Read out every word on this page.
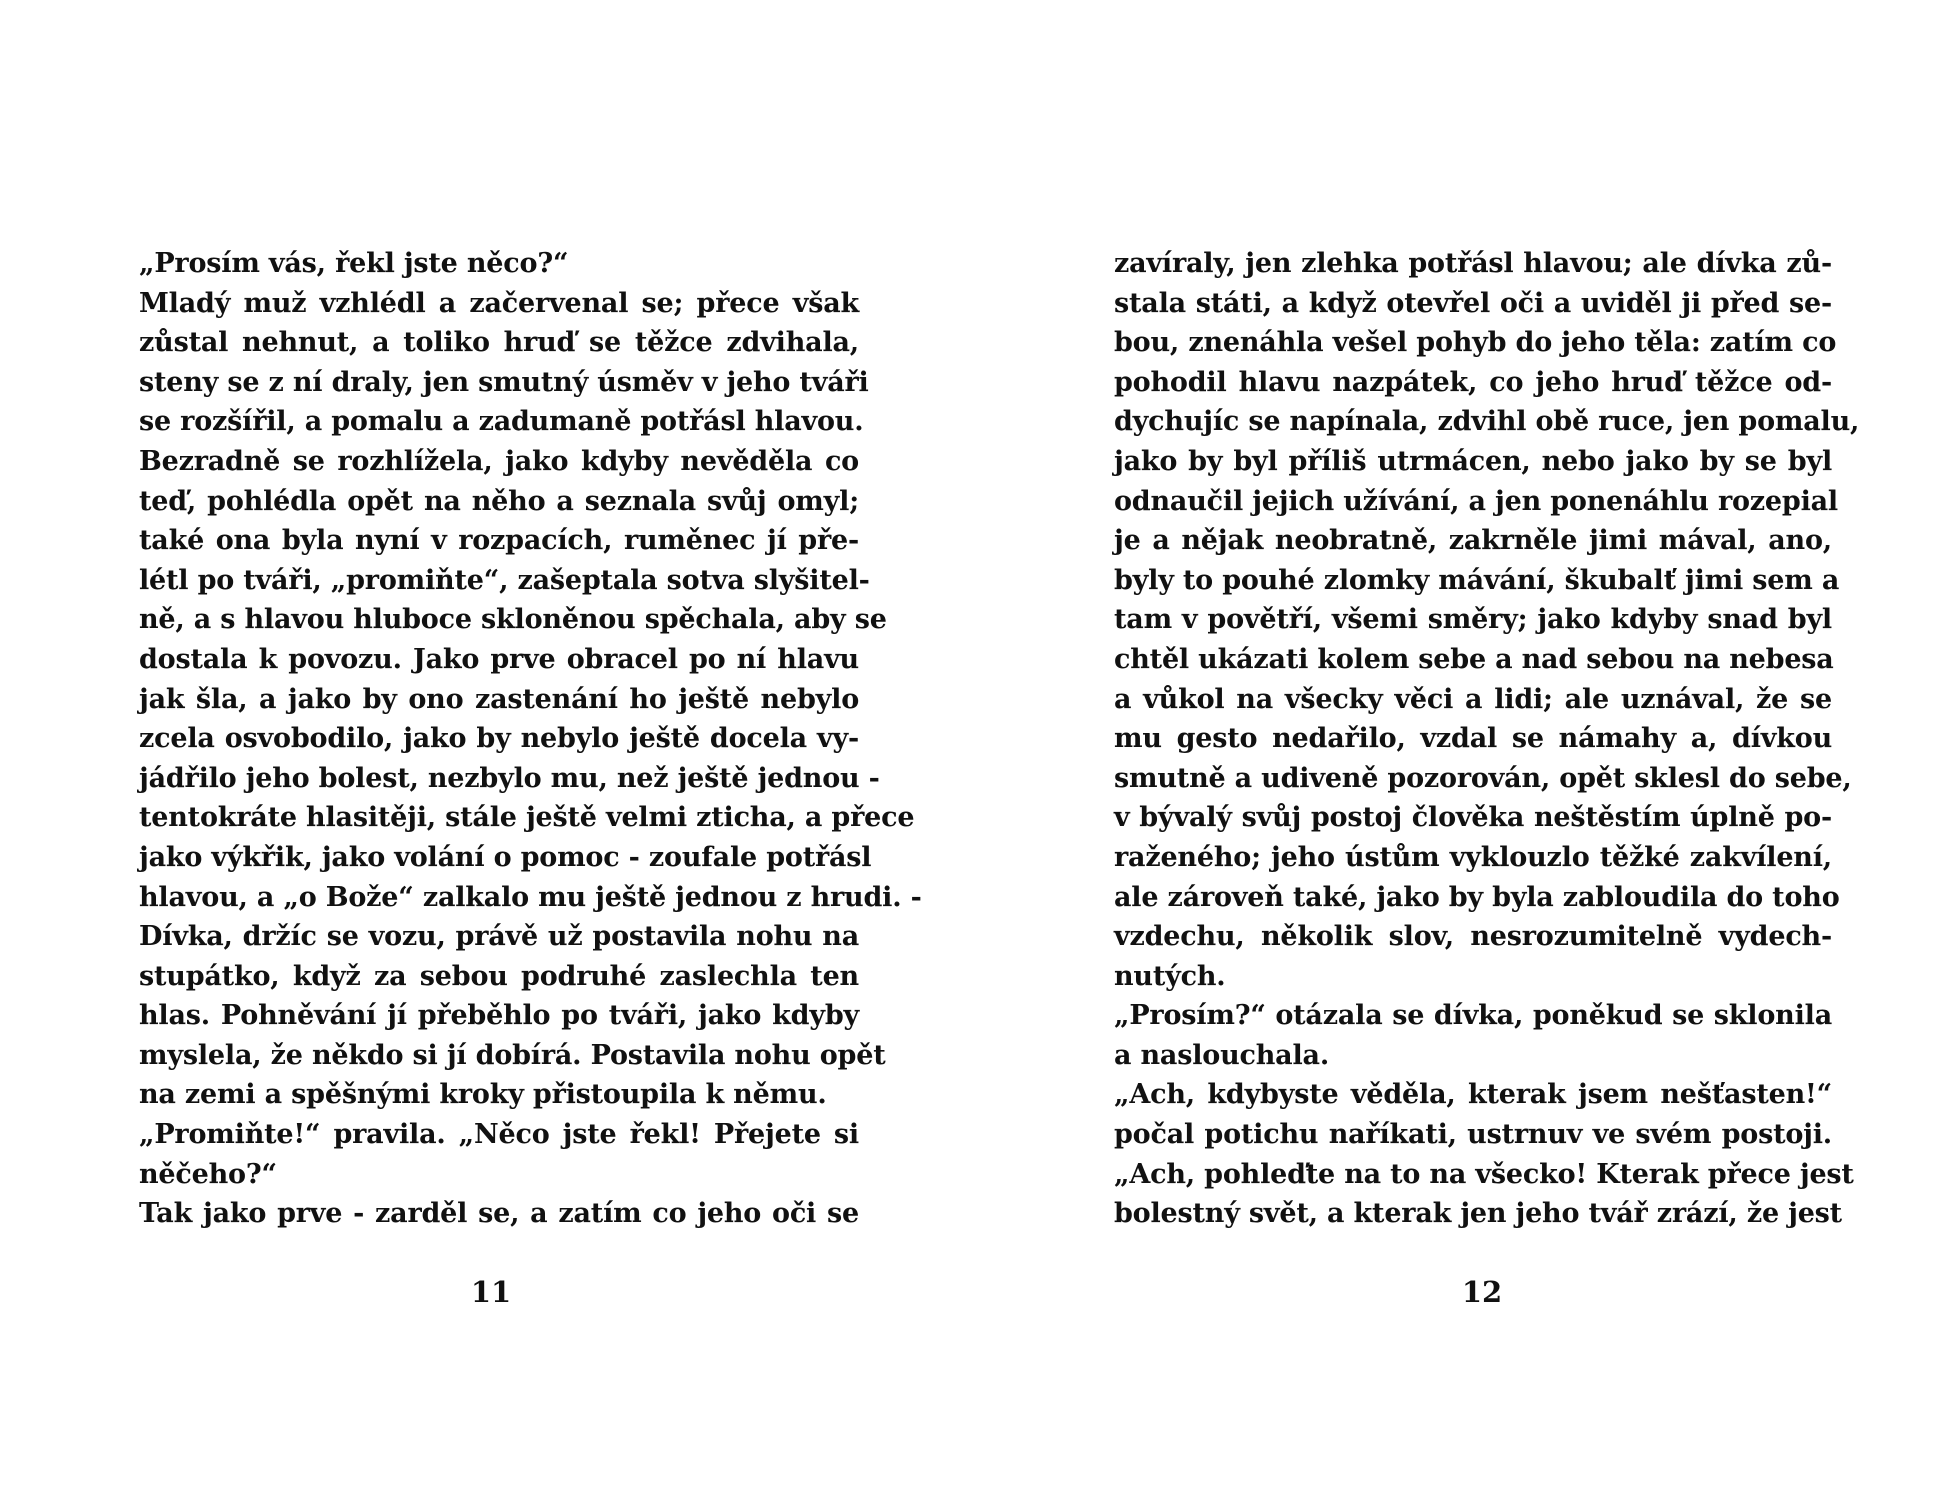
„Prosím vás, řekl jste něco?“
Mladý muž vzhlédl a začervenal se; přece však
zůstal nehnut, a toliko hruď se těžce zdvihala,
steny se z ní draly, jen smutný úsměv v jeho tváři
se rozšířil, a pomalu a zadumaně potřásl hlavou.
Bezradně se rozhlížela, jako kdyby nevěděla co
teď, pohlédla opět na něho a seznala svůj omyl;
také ona byla nyní v rozpacích, ruměnec jí pře-
létl po tváři, „promiňte“, zašeptala sotva slyšitel-
ně, a s hlavou hluboce skloněnou spěchala, aby se
dostala k povozu. Jako prve obracel po ní hlavu
jak šla, a jako by ono zastenání ho ještě nebylo
zcela osvobodilo, jako by nebylo ještě docela vy-
jádřilo jeho bolest, nezbylo mu, než ještě jednou -
tentokráte hlasitěji, stále ještě velmi zticha, a přece
jako výkřik, jako volání o pomoc - zoufale potřásl
hlavou, a „o Bože“ zalkalo mu ještě jednou z hrudi. -
Dívka, držíc se vozu, právě už postavila nohu na
stupátko, když za sebou podruhé zaslechla ten
hlas. Pohněvání jí přeběhlo po tváři, jako kdyby
myslela, že někdo si jí dobírá. Postavila nohu opět
na zemi a spěšnými kroky přistoupila k němu.
„Promiňte!“ pravila. „Něco jste řekl! Přejete si
něčeho?“
Tak jako prve - zarděl se, a zatím co jeho oči se
11
zavíraly, jen zlehka potřásl hlavou; ale dívka zů-
stala státi, a když otevřel oči a uviděl ji před se-
bou, znenáhla vešel pohyb do jeho těla: zatím co
pohodil hlavu nazpátek, co jeho hruď těžce od-
dychujíc se napínala, zdvihl obě ruce, jen pomalu,
jako by byl příliš utrmácen, nebo jako by se byl
odnaučil jejich užívání, a jen ponenáhlu rozepial
je a nějak neobratně, zakrněle jimi mával, ano,
byly to pouhé zlomky mávání, škubalť jimi sem a
tam v povětří, všemi směry; jako kdyby snad byl
chtěl ukázati kolem sebe a nad sebou na nebesa
a vůkol na všecky věci a lidi; ale uznával, že se
mu gesto nedařilo, vzdal se námahy a, dívkou
smutně a udiveně pozorován, opět sklesl do sebe,
v bývalý svůj postoj člověka neštěstím úplně po-
raženého; jeho ústům vyklouzlo těžké zakvílení,
ale zároveň také, jako by byla zabloudila do toho
vzdechu, několik slov, nesrozumitelně vydech-
nutých.
„Prosím?“ otázala se dívka, poněkud se sklonila
a naslouchala.
„Ach, kdybyste věděla, kterak jsem nešťasten!“
počal potichu naříkati, ustrnuv ve svém postoji.
„Ach, pohleďte na to na všecko! Kterak přece jest
bolestný svět, a kterak jen jeho tvář zrází, že jest
12
